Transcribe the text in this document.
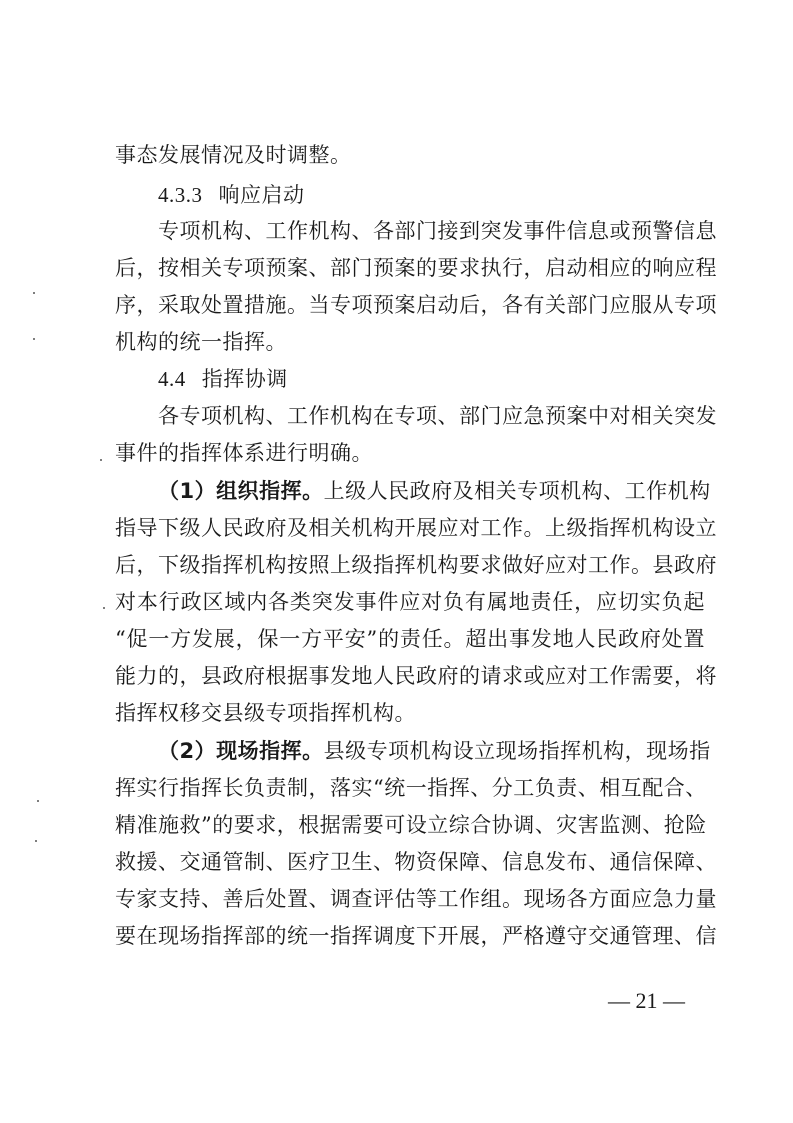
事态发展情况及时调整。
4.3.3 响应启动
专项机构、工作机构、各部门接到突发事件信息或预警信息
后，按相关专项预案、部门预案的要求执行，启动相应的响应程
序，采取处置措施。当专项预案启动后，各有关部门应服从专项
机构的统一指挥。
4.4 指挥协调
各专项机构、工作机构在专项、部门应急预案中对相关突发
事件的指挥体系进行明确。
（1）组织指挥。上级人民政府及相关专项机构、工作机构
指导下级人民政府及相关机构开展应对工作。上级指挥机构设立
后，下级指挥机构按照上级指挥机构要求做好应对工作。县政府
对本行政区域内各类突发事件应对负有属地责任，应切实负起
“促一方发展，保一方平安”的责任。超出事发地人民政府处置
能力的，县政府根据事发地人民政府的请求或应对工作需要，将
指挥权移交县级专项指挥机构。
（2）现场指挥。县级专项机构设立现场指挥机构，现场指
挥实行指挥长负责制，落实“统一指挥、分工负责、相互配合、
精准施救”的要求，根据需要可设立综合协调、灾害监测、抢险
救援、交通管制、医疗卫生、物资保障、信息发布、通信保障、
专家支持、善后处置、调查评估等工作组。现场各方面应急力量
要在现场指挥部的统一指挥调度下开展，严格遵守交通管理、信
— 21 —
